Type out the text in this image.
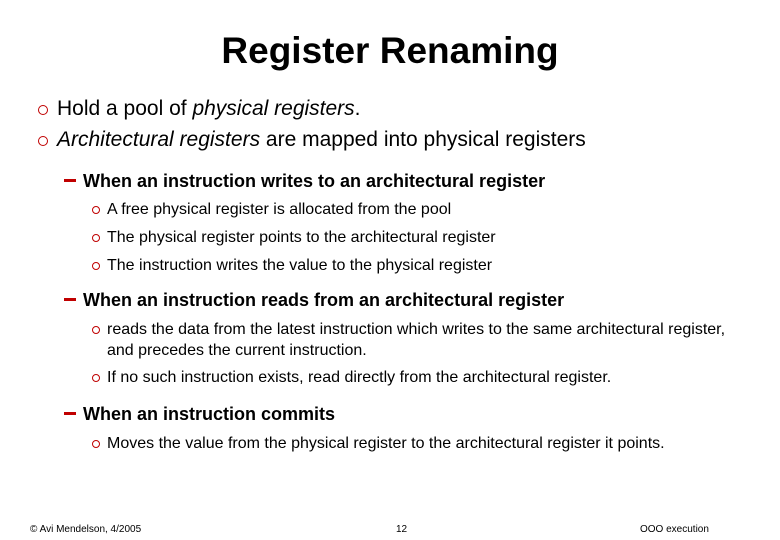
Register Renaming
Hold a pool of physical registers.
Architectural registers are mapped into physical registers
When an instruction writes to an architectural register
A free physical register is allocated from the pool
The physical register points to the architectural register
The instruction writes the value to the physical register
When an instruction reads from an architectural register
reads the data from the latest instruction which writes to the same architectural register, and precedes the current instruction.
If no such instruction exists, read directly from the architectural register.
When an instruction commits
Moves the value from the physical register to the architectural register it points.
© Avi Mendelson, 4/2005	12	OOO execution
